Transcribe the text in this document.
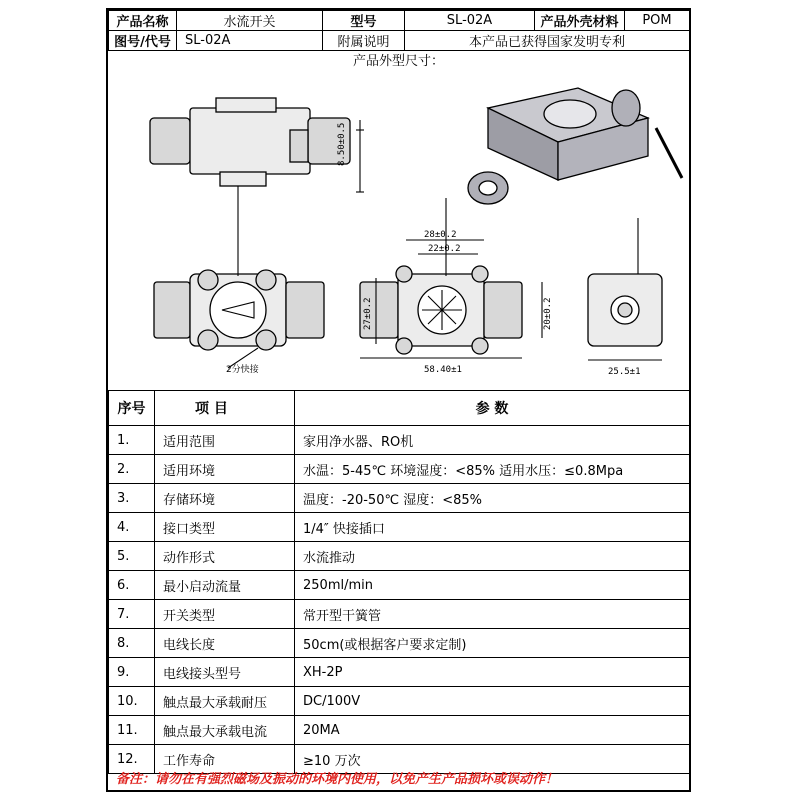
产品名称	水流开关	型号	SL-02A	产品外壳材料	POM
图号/代号	SL-02A	附属说明	本产品已获得国家发明专利		
产品外型尺寸：
8.50±0.5
28±0.2
22±0.2
27±0.2	20±0.2
58.40±1	25.5±1
2分快接
序号	项 目	参 数
1.	适用范围	家用净水器、RO机
2.	适用环境	水温：5-45℃ 环境湿度：<85% 适用水压：≤0.8Mpa
3.	存储环境	温度：-20-50℃ 湿度：<85%
4.	接口类型	1/4″ 快接插口
5.	动作形式	水流推动
6.	最小启动流量	250ml/min
7.	开关类型	常开型干簧管
8.	电线长度	50cm(或根据客户要求定制)
9.	电线接头型号	XH-2P
10.	触点最大承载耐压	DC/100V
11.	触点最大承载电流	20MA
12.	工作寿命	≥10 万次
备注：请勿在有强烈磁场及振动的环境内使用，以免产生产品损坏或误动作！
